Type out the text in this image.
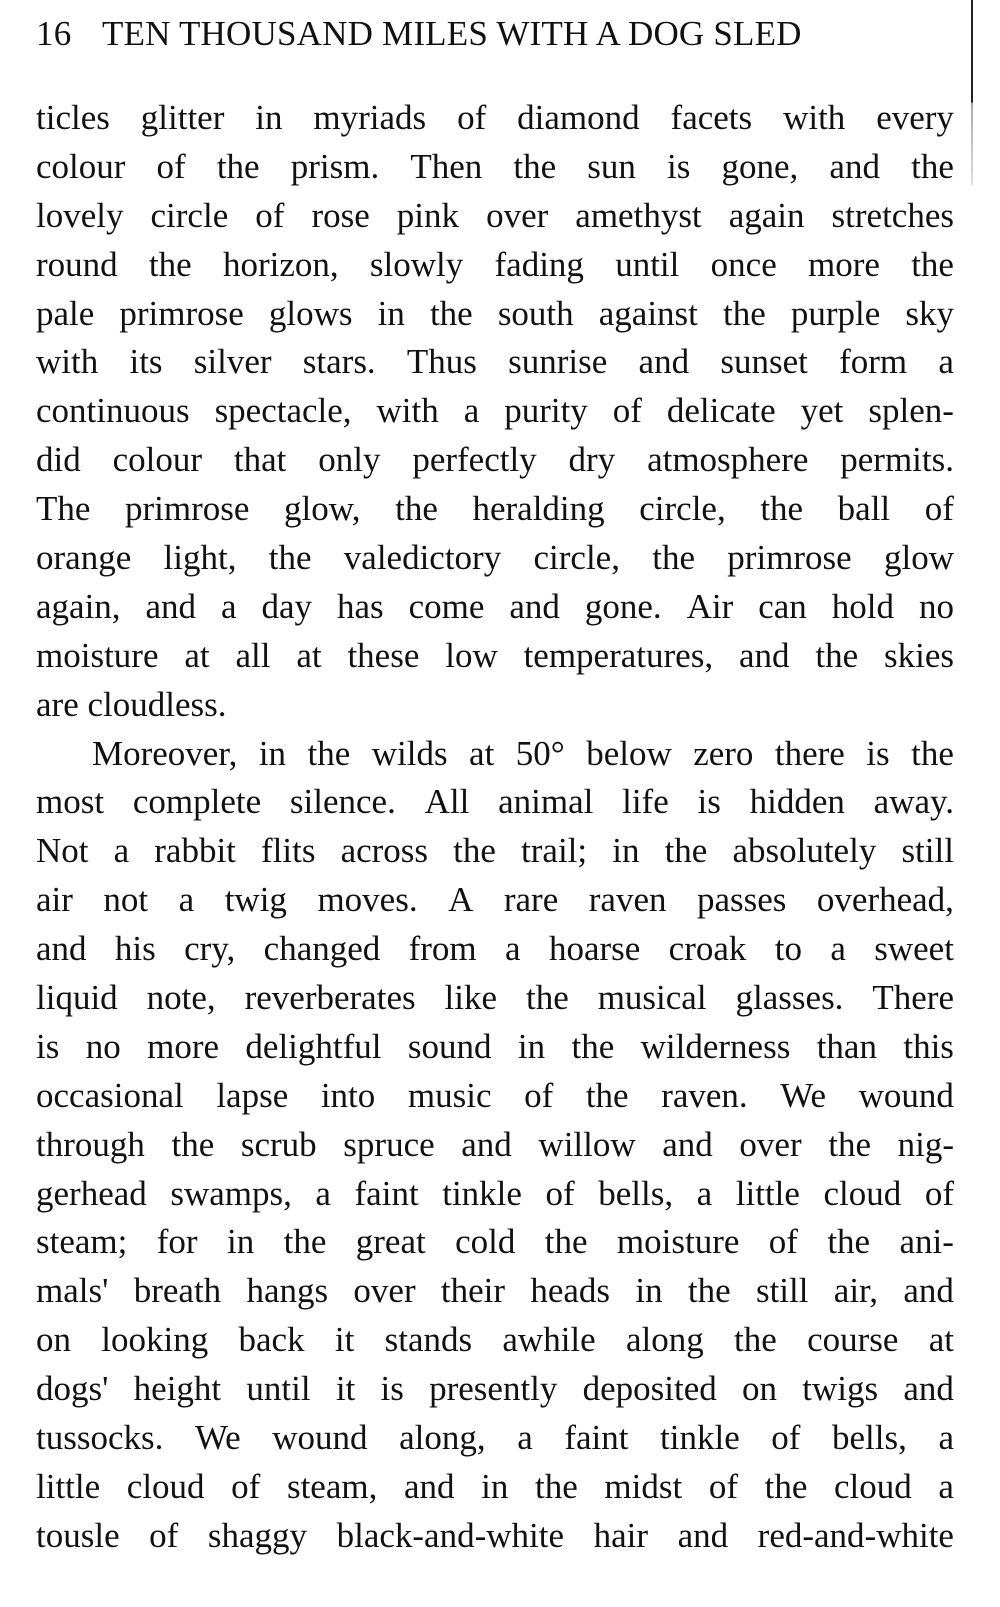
16 TEN THOUSAND MILES WITH A DOG SLED
ticles glitter in myriads of diamond facets with every
colour of the prism. Then the sun is gone, and the
lovely circle of rose pink over amethyst again stretches
round the horizon, slowly fading until once more the
pale primrose glows in the south against the purple sky
with its silver stars. Thus sunrise and sunset form a
continuous spectacle, with a purity of delicate yet splen-
did colour that only perfectly dry atmosphere permits.
The primrose glow, the heralding circle, the ball of
orange light, the valedictory circle, the primrose glow
again, and a day has come and gone. Air can hold no
moisture at all at these low temperatures, and the skies
are cloudless.
Moreover, in the wilds at 50° below zero there is the
most complete silence. All animal life is hidden away.
Not a rabbit flits across the trail; in the absolutely still
air not a twig moves. A rare raven passes overhead,
and his cry, changed from a hoarse croak to a sweet
liquid note, reverberates like the musical glasses. There
is no more delightful sound in the wilderness than this
occasional lapse into music of the raven. We wound
through the scrub spruce and willow and over the nig-
gerhead swamps, a faint tinkle of bells, a little cloud of
steam; for in the great cold the moisture of the ani-
mals' breath hangs over their heads in the still air, and
on looking back it stands awhile along the course at
dogs' height until it is presently deposited on twigs and
tussocks. We wound along, a faint tinkle of bells, a
little cloud of steam, and in the midst of the cloud a
tousle of shaggy black-and-white hair and red-and-white
